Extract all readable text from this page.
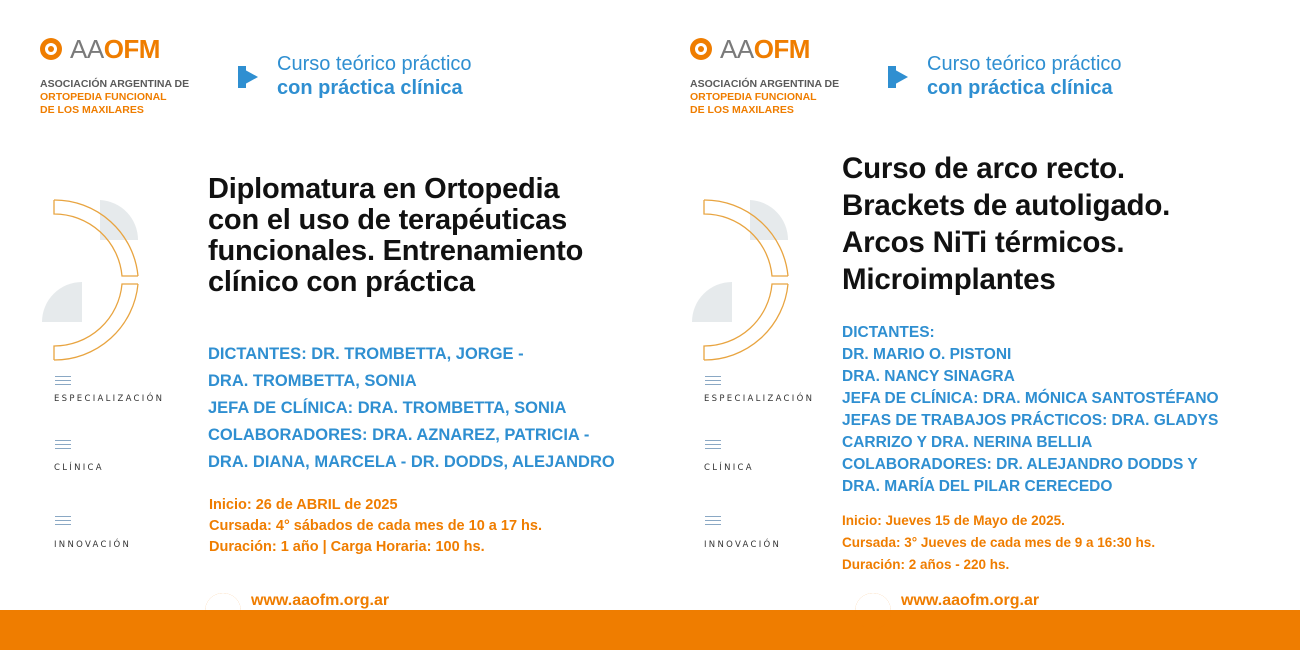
AAOFM
ASOCIACIÓN ARGENTINA DE
ORTOPEDIA FUNCIONAL
DE LOS MAXILARES
Curso teórico práctico
con práctica clínica
ESPECIALIZACIÓN
CLÍNICA
INNOVACIÓN
Diplomatura en Ortopedia
con el uso de terapéuticas
funcionales. Entrenamiento
clínico con práctica
DICTANTES: DR. TROMBETTA, JORGE -
DRA. TROMBETTA, SONIA
JEFA DE CLÍNICA: DRA. TROMBETTA, SONIA
COLABORADORES: DRA. AZNAREZ, PATRICIA -
DRA. DIANA, MARCELA - DR. DODDS, ALEJANDRO
Inicio: 26 de ABRIL de 2025
Cursada: 4° sábados de cada mes de 10 a 17 hs.
Duración: 1 año | Carga Horaria: 100 hs.
www.aaofm.org.ar
AAOFM
ASOCIACIÓN ARGENTINA DE
ORTOPEDIA FUNCIONAL
DE LOS MAXILARES
Curso teórico práctico
con práctica clínica
ESPECIALIZACIÓN
CLÍNICA
INNOVACIÓN
Curso de arco recto.
Brackets de autoligado.
Arcos NiTi térmicos.
Microimplantes
DICTANTES:
DR. MARIO O. PISTONI
DRA. NANCY SINAGRA
JEFA DE CLÍNICA: DRA. MÓNICA SANTOSTÉFANO
JEFAS DE TRABAJOS PRÁCTICOS: DRA. GLADYS
CARRIZO Y DRA. NERINA BELLIA
COLABORADORES: DR. ALEJANDRO DODDS Y
DRA. MARÍA DEL PILAR CERECEDO
Inicio: Jueves 15 de Mayo de 2025.
Cursada: 3° Jueves de cada mes de 9 a 16:30 hs.
Duración: 2 años - 220 hs.
www.aaofm.org.ar
